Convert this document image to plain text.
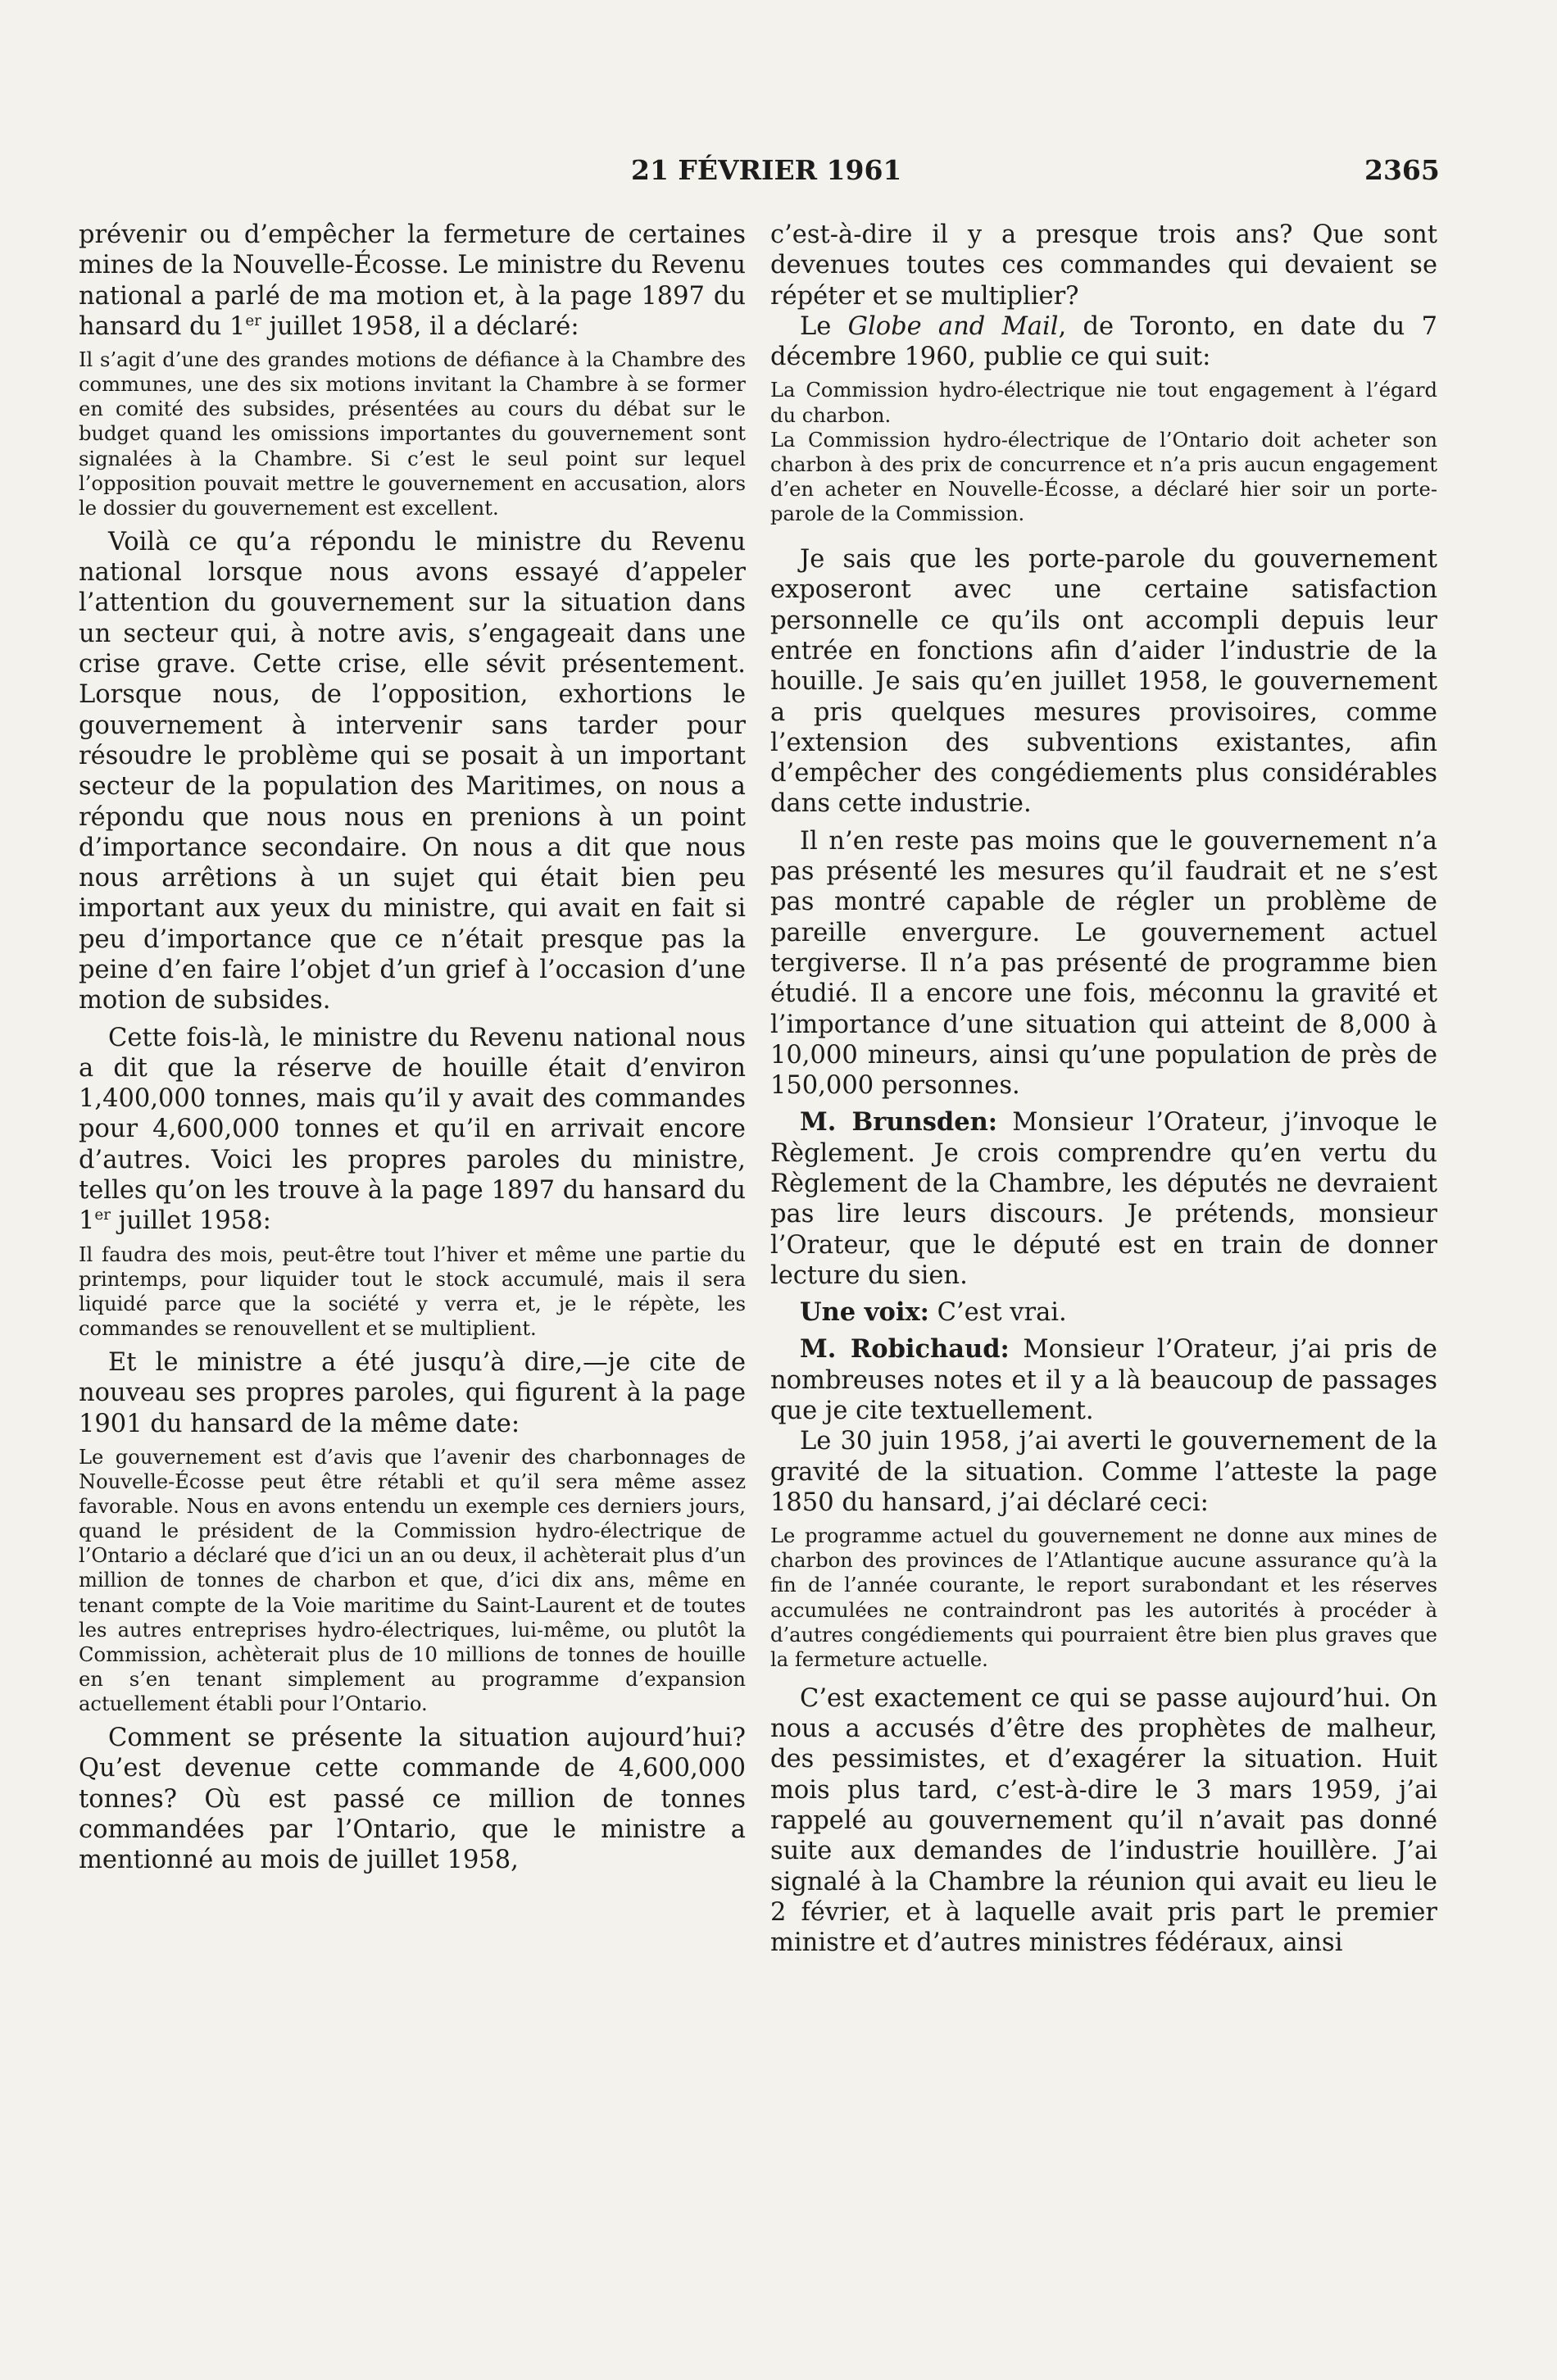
21 FÉVRIER 1961	2365

prévenir ou d’empêcher la fermeture de certaines mines de la Nouvelle-Écosse. Le ministre du Revenu national a parlé de ma motion et, à la page 1897 du hansard du 1er juillet 1958, il a déclaré:

Il s’agit d’une des grandes motions de défiance à la Chambre des communes, une des six motions invitant la Chambre à se former en comité des subsides, présentées au cours du débat sur le budget quand les omissions importantes du gouvernement sont signalées à la Chambre. Si c’est le seul point sur lequel l’opposition pouvait mettre le gouvernement en accusation, alors le dossier du gouvernement est excellent.

Voilà ce qu’a répondu le ministre du Revenu national lorsque nous avons essayé d’appeler l’attention du gouvernement sur la situation dans un secteur qui, à notre avis, s’engageait dans une crise grave. Cette crise, elle sévit présentement. Lorsque nous, de l’opposition, exhortions le gouvernement à intervenir sans tarder pour résoudre le problème qui se posait à un important secteur de la population des Maritimes, on nous a répondu que nous nous en prenions à un point d’importance secondaire. On nous a dit que nous nous arrêtions à un sujet qui était bien peu important aux yeux du ministre, qui avait en fait si peu d’importance que ce n’était presque pas la peine d’en faire l’objet d’un grief à l’occasion d’une motion de subsides.

Cette fois-là, le ministre du Revenu national nous a dit que la réserve de houille était d’environ 1,400,000 tonnes, mais qu’il y avait des commandes pour 4,600,000 tonnes et qu’il en arrivait encore d’autres. Voici les propres paroles du ministre, telles qu’on les trouve à la page 1897 du hansard du 1er juillet 1958:

Il faudra des mois, peut-être tout l’hiver et même une partie du printemps, pour liquider tout le stock accumulé, mais il sera liquidé parce que la société y verra et, je le répète, les commandes se renouvellent et se multiplient.

Et le ministre a été jusqu’à dire,—je cite de nouveau ses propres paroles, qui figurent à la page 1901 du hansard de la même date:

Le gouvernement est d’avis que l’avenir des charbonnages de Nouvelle-Écosse peut être rétabli et qu’il sera même assez favorable. Nous en avons entendu un exemple ces derniers jours, quand le président de la Commission hydro-électrique de l’Ontario a déclaré que d’ici un an ou deux, il achèterait plus d’un million de tonnes de charbon et que, d’ici dix ans, même en tenant compte de la Voie maritime du Saint-Laurent et de toutes les autres entreprises hydro-électriques, lui-même, ou plutôt la Commission, achèterait plus de 10 millions de tonnes de houille en s’en tenant simplement au programme d’expansion actuellement établi pour l’Ontario.

Comment se présente la situation aujourd’hui? Qu’est devenue cette commande de 4,600,000 tonnes? Où est passé ce million de tonnes commandées par l’Ontario, que le ministre a mentionné au mois de juillet 1958,

c’est-à-dire il y a presque trois ans? Que sont devenues toutes ces commandes qui devaient se répéter et se multiplier?

Le Globe and Mail, de Toronto, en date du 7 décembre 1960, publie ce qui suit:

La Commission hydro-électrique nie tout engagement à l’égard du charbon.

La Commission hydro-électrique de l’Ontario doit acheter son charbon à des prix de concurrence et n’a pris aucun engagement d’en acheter en Nouvelle-Écosse, a déclaré hier soir un porte-parole de la Commission.

Je sais que les porte-parole du gouvernement exposeront avec une certaine satisfaction personnelle ce qu’ils ont accompli depuis leur entrée en fonctions afin d’aider l’industrie de la houille. Je sais qu’en juillet 1958, le gouvernement a pris quelques mesures provisoires, comme l’extension des subventions existantes, afin d’empêcher des congédiements plus considérables dans cette industrie.

Il n’en reste pas moins que le gouvernement n’a pas présenté les mesures qu’il faudrait et ne s’est pas montré capable de régler un problème de pareille envergure. Le gouvernement actuel tergiverse. Il n’a pas présenté de programme bien étudié. Il a encore une fois, méconnu la gravité et l’importance d’une situation qui atteint de 8,000 à 10,000 mineurs, ainsi qu’une population de près de 150,000 personnes.

M. Brunsden: Monsieur l’Orateur, j’invoque le Règlement. Je crois comprendre qu’en vertu du Règlement de la Chambre, les députés ne devraient pas lire leurs discours. Je prétends, monsieur l’Orateur, que le député est en train de donner lecture du sien.

Une voix: C’est vrai.

M. Robichaud: Monsieur l’Orateur, j’ai pris de nombreuses notes et il y a là beaucoup de passages que je cite textuellement.

Le 30 juin 1958, j’ai averti le gouvernement de la gravité de la situation. Comme l’atteste la page 1850 du hansard, j’ai déclaré ceci:

Le programme actuel du gouvernement ne donne aux mines de charbon des provinces de l’Atlantique aucune assurance qu’à la fin de l’année courante, le report surabondant et les réserves accumulées ne contraindront pas les autorités à procéder à d’autres congédiements qui pourraient être bien plus graves que la fermeture actuelle.

C’est exactement ce qui se passe aujourd’hui. On nous a accusés d’être des prophètes de malheur, des pessimistes, et d’exagérer la situation. Huit mois plus tard, c’est-à-dire le 3 mars 1959, j’ai rappelé au gouvernement qu’il n’avait pas donné suite aux demandes de l’industrie houillère. J’ai signalé à la Chambre la réunion qui avait eu lieu le 2 février, et à laquelle avait pris part le premier ministre et d’autres ministres fédéraux, ainsi
